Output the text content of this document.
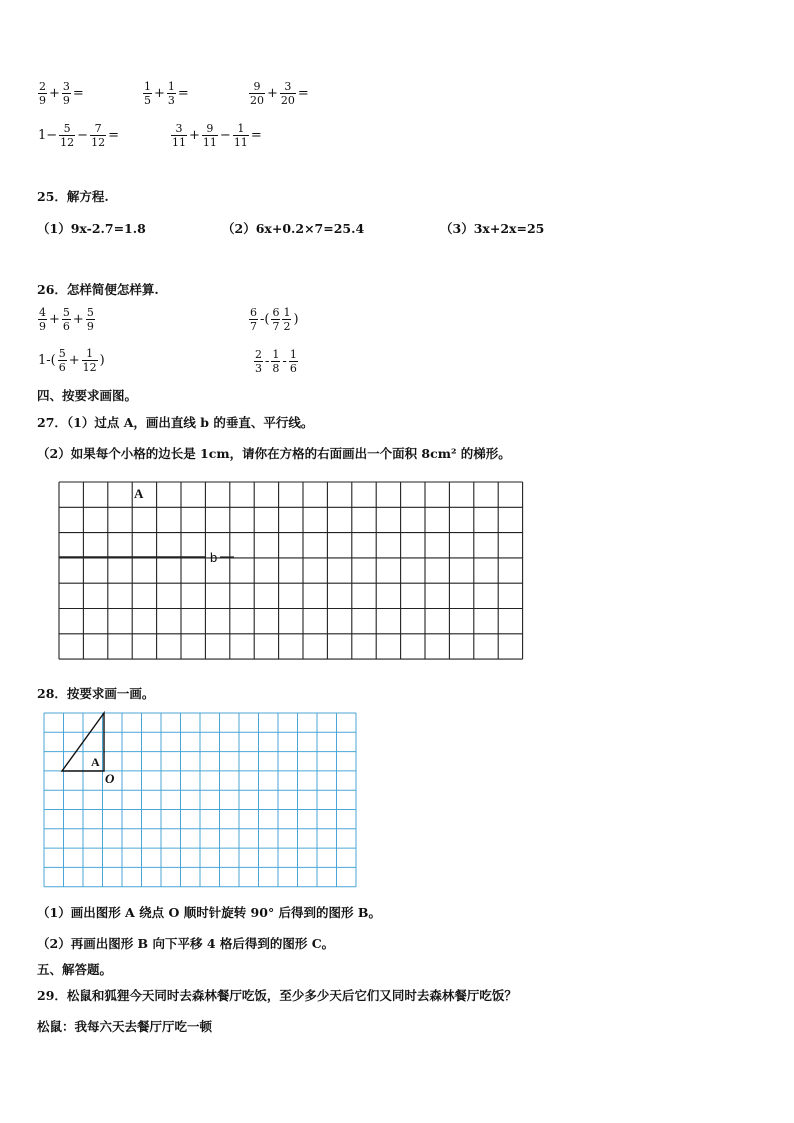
$\frac{2}{9} + \frac{3}{9}$ =	$\frac{1}{5} + \frac{1}{3}$ =	$\frac{9}{20} + \frac{3}{20}$ =
$1- \frac{5}{12} - \frac{7}{12}$ =	$\frac{3}{11} + \frac{9}{11} - \frac{1}{11}$ =
25．解方程.
（1）9x-2.7=1.8	（2）6x+0.2×7=25.4	（3）3x+2x=25
26．怎样简便怎样算.
$\frac{4}{9} + \frac{5}{6} + \frac{5}{9}$	$\frac{6}{7}$ -( $\frac{6}{7} \frac{1}{2}$ )
$1-( \frac{5}{6} + \frac{1}{12}$ )	$\frac{2}{3} - \frac{1}{8} - \frac{1}{6}$
四、按要求画图。
27．（1）过点 A，画出直线 b 的垂直、平行线。
（2）如果每个小格的边长是 1cm，请你在方格的右面画出一个面积 8cm² 的梯形。
A
b
28．按要求画一画。
A
O
（1）画出图形 A 绕点 O 顺时针旋转 90° 后得到的图形 B。
（2）再画出图形 B 向下平移 4 格后得到的图形 C。
五、解答题。
29．松鼠和狐狸今天同时去森林餐厅吃饭，至少多少天后它们又同时去森林餐厅吃饭？
松鼠：我每六天去餐厅厅吃一顿
